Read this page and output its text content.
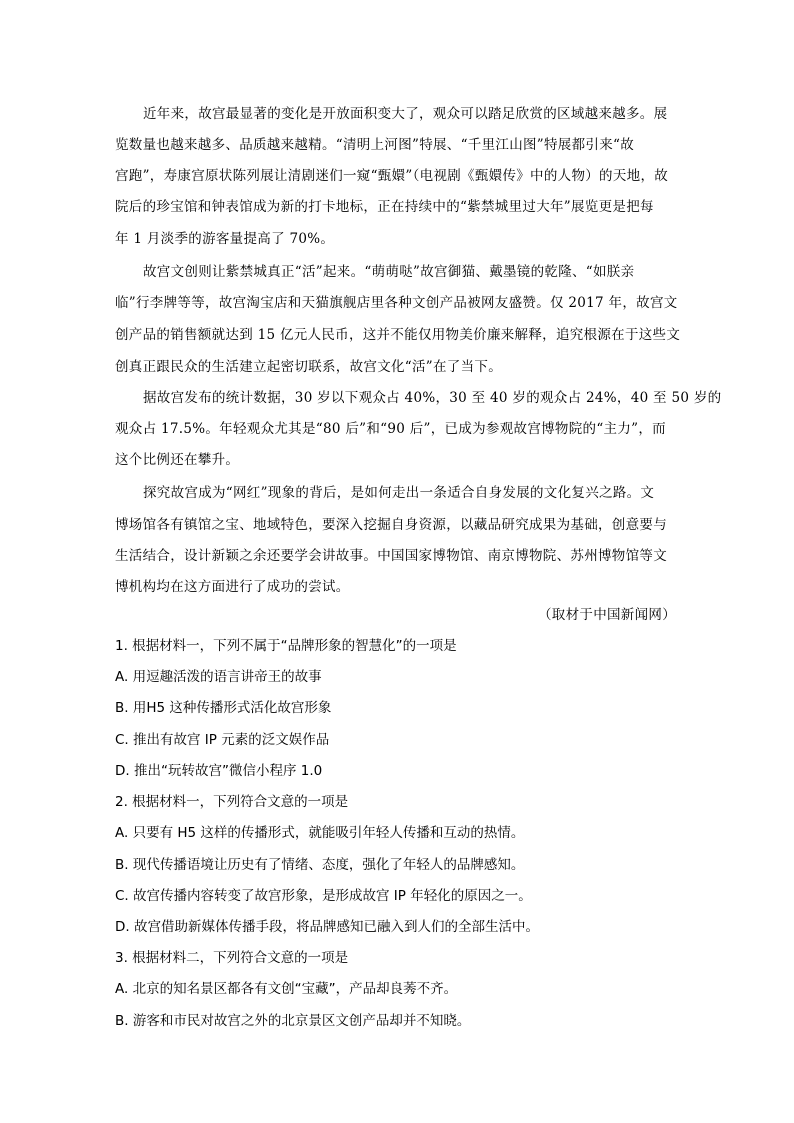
近年来，故宫最显著的变化是开放面积变大了，观众可以踏足欣赏的区域越来越多。展
览数量也越来越多、品质越来越精。“清明上河图”特展、“千里江山图”特展都引来“故
宫跑”，寿康宫原状陈列展让清剧迷们一窥“甄嬛”（电视剧《甄嬛传》中的人物）的天地，故
院后的珍宝馆和钟表馆成为新的打卡地标，正在持续中的“紫禁城里过大年”展览更是把每
年 1 月淡季的游客量提高了 70%。
故宫文创则让紫禁城真正“活”起来。“萌萌哒”故宫御猫、戴墨镜的乾隆、“如朕亲
临”行李牌等等，故宫淘宝店和天猫旗舰店里各种文创产品被网友盛赞。仅 2017 年，故宫文
创产品的销售额就达到 15 亿元人民币，这并不能仅用物美价廉来解释，追究根源在于这些文
创真正跟民众的生活建立起密切联系，故宫文化“活”在了当下。
据故宫发布的统计数据，30 岁以下观众占 40%，30 至 40 岁的观众占 24%，40 至 50 岁的
观众占 17.5%。年轻观众尤其是“80 后”和“90 后”，已成为参观故宫博物院的“主力”，而
这个比例还在攀升。
探究故宫成为“网红”现象的背后，是如何走出一条适合自身发展的文化复兴之路。文
博场馆各有镇馆之宝、地域特色，要深入挖掘自身资源，以藏品研究成果为基础，创意要与
生活结合，设计新颖之余还要学会讲故事。中国国家博物馆、南京博物院、苏州博物馆等文
博机构均在这方面进行了成功的尝试。
（取材于中国新闻网）
1. 根据材料一，下列不属于“品牌形象的智慧化”的一项是
A. 用逗趣活泼的语言讲帝王的故事
B. 用H5 这种传播形式活化故宫形象
C. 推出有故宫 IP 元素的泛文娱作品
D. 推出“玩转故宫”微信小程序 1.0
2. 根据材料一，下列符合文意的一项是
A. 只要有 H5 这样的传播形式，就能吸引年轻人传播和互动的热情。
B. 现代传播语境让历史有了情绪、态度，强化了年轻人的品牌感知。
C. 故宫传播内容转变了故宫形象，是形成故宫 IP 年轻化的原因之一。
D. 故宫借助新媒体传播手段，将品牌感知已融入到人们的全部生活中。
3. 根据材料二，下列符合文意的一项是
A. 北京的知名景区都各有文创“宝藏”，产品却良莠不齐。
B. 游客和市民对故宫之外的北京景区文创产品却并不知晓。
